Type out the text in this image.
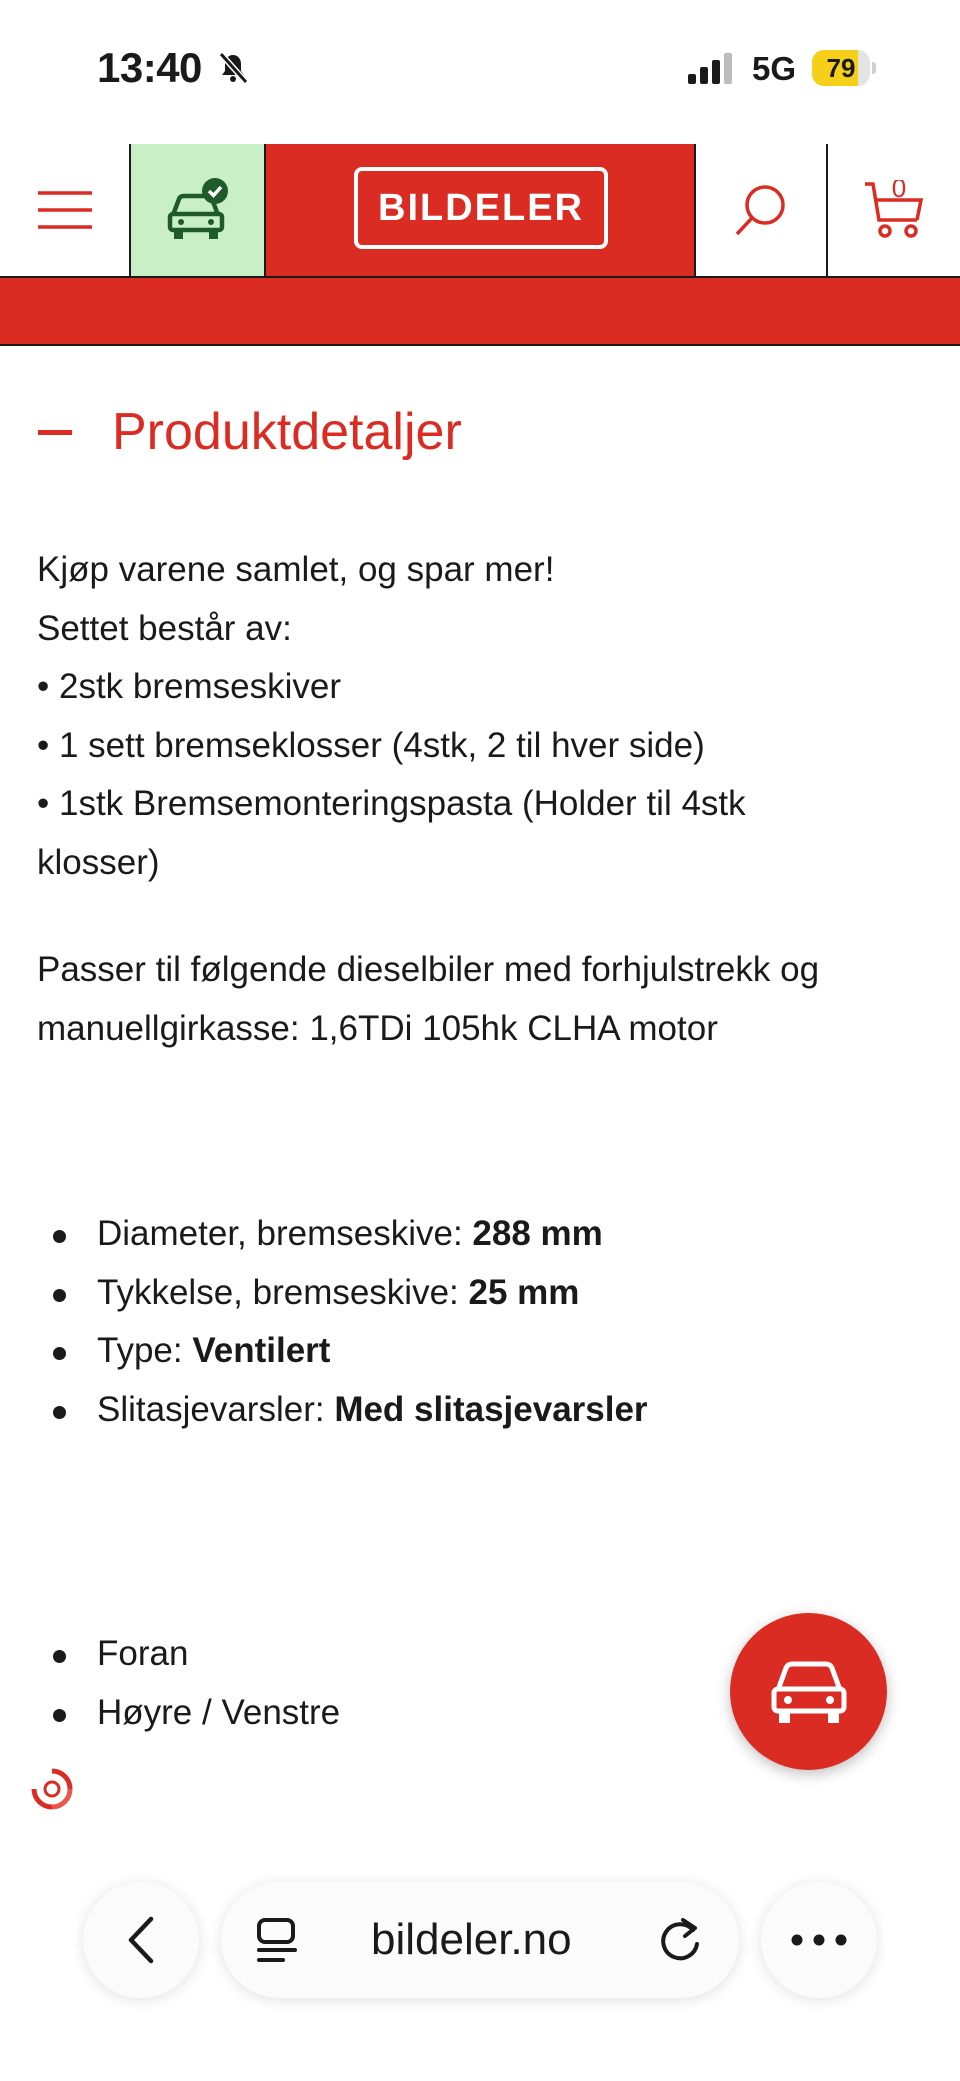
13:40	5G	79
BILDELER	0
Produktdetaljer
Kjøp varene samlet, og spar mer!
Settet består av:
• 2stk bremseskiver
• 1 sett bremseklosser (4stk, 2 til hver side)
• 1stk Bremsemonteringspasta (Holder til 4stk
klosser)
Passer til følgende dieselbiler med forhjulstrekk og
manuellgirkasse: 1,6TDi 105hk CLHA motor
Diameter, bremseskive: 288 mm
Tykkelse, bremseskive: 25 mm
Type: Ventilert
Slitasjevarsler: Med slitasjevarsler
Foran
Høyre / Venstre
bildeler.no
